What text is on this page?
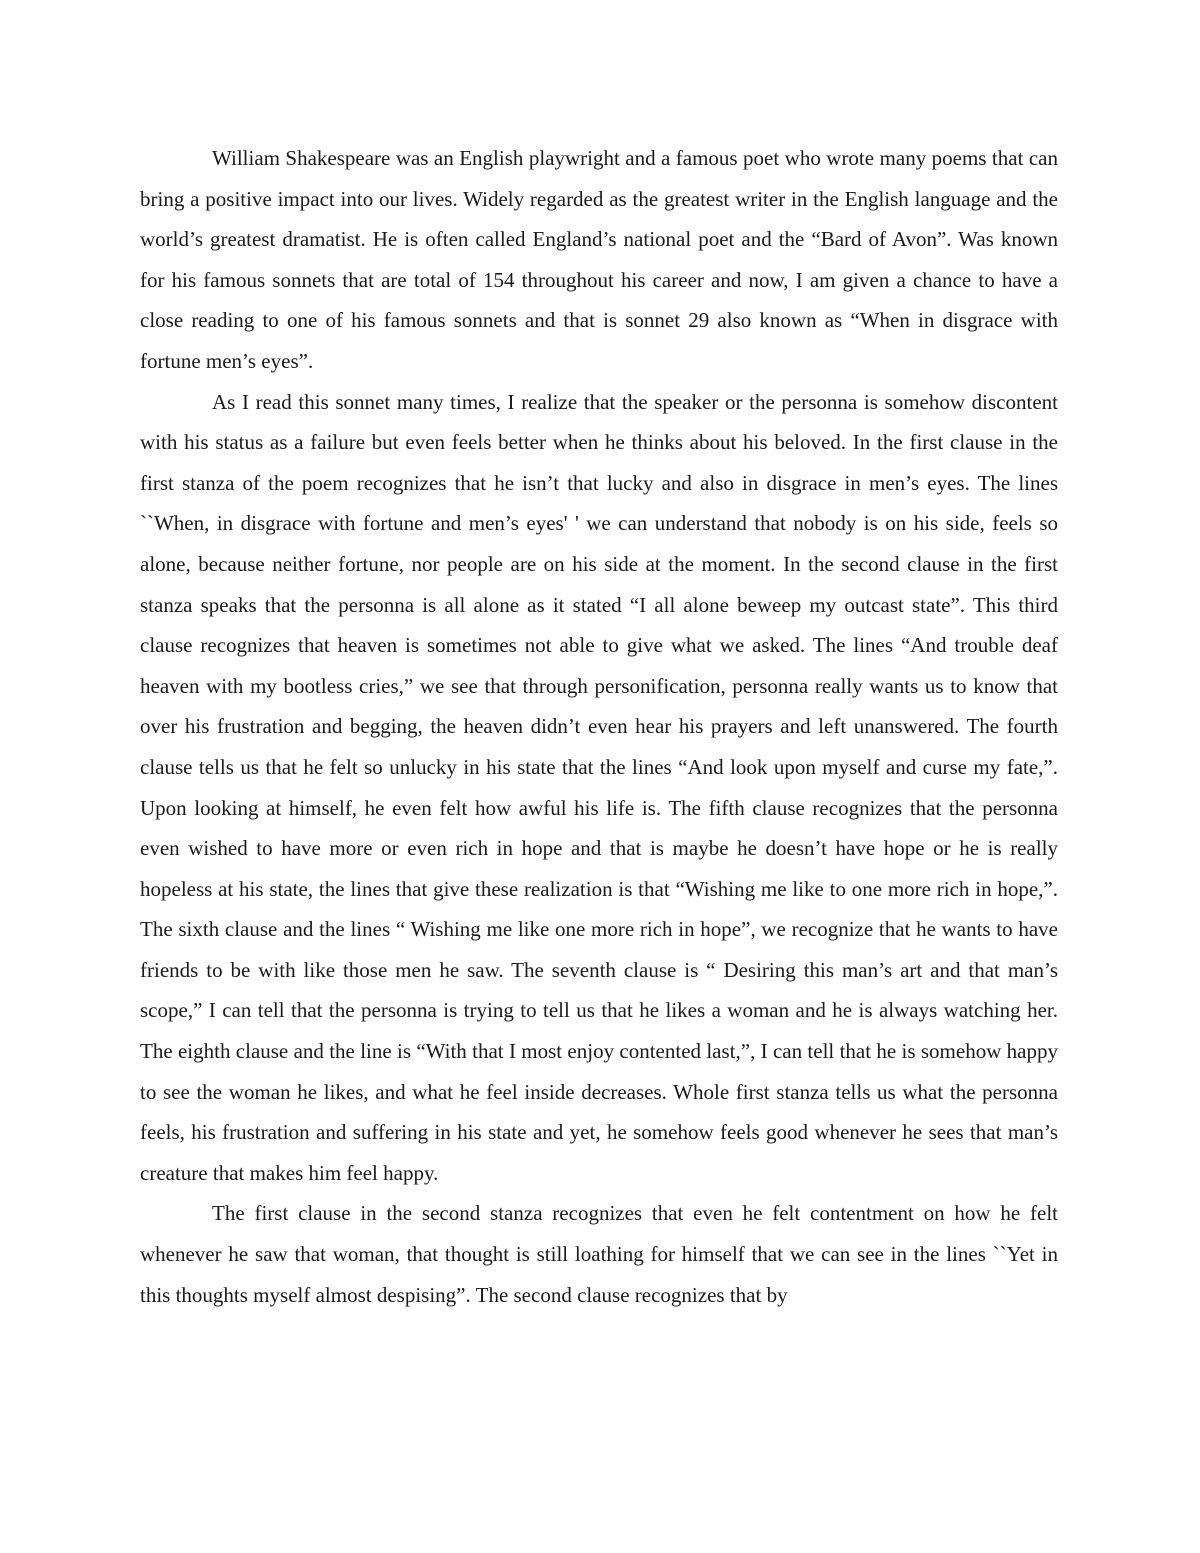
William Shakespeare was an English playwright and a famous poet who wrote many poems that can bring a positive impact into our lives. Widely regarded as the greatest writer in the English language and the world’s greatest dramatist. He is often called England’s national poet and the “Bard of Avon”. Was known for his famous sonnets that are total of 154 throughout his career and now, I am given a chance to have a close reading to one of his famous sonnets and that is sonnet 29 also known as “When in disgrace with fortune men’s eyes”.

As I read this sonnet many times, I realize that the speaker or the personna is somehow discontent with his status as a failure but even feels better when he thinks about his beloved. In the first clause in the first stanza of the poem recognizes that he isn’t that lucky and also in disgrace in men’s eyes. The lines ``When, in disgrace with fortune and men’s eyes' ' we can understand that nobody is on his side, feels so alone, because neither fortune, nor people are on his side at the moment. In the second clause in the first stanza speaks that the personna is all alone as it stated “I all alone beweep my outcast state”. This third clause recognizes that heaven is sometimes not able to give what we asked. The lines “And trouble deaf heaven with my bootless cries,” we see that through personification, personna really wants us to know that over his frustration and begging, the heaven didn’t even hear his prayers and left unanswered. The fourth clause tells us that he felt so unlucky in his state that the lines “And look upon myself and curse my fate,”. Upon looking at himself, he even felt how awful his life is. The fifth clause recognizes that the personna even wished to have more or even rich in hope and that is maybe he doesn’t have hope or he is really hopeless at his state, the lines that give these realization is that “Wishing me like to one more rich in hope,”. The sixth clause and the lines “ Wishing me like one more rich in hope”, we recognize that he wants to have friends to be with like those men he saw. The seventh clause is “ Desiring this man’s art and that man’s scope,” I can tell that the personna is trying to tell us that he likes a woman and he is always watching her. The eighth clause and the line is “With that I most enjoy contented last,”, I can tell that he is somehow happy to see the woman he likes, and what he feel inside decreases. Whole first stanza tells us what the personna feels, his frustration and suffering in his state and yet, he somehow feels good whenever he sees that man’s creature that makes him feel happy.

The first clause in the second stanza recognizes that even he felt contentment on how he felt whenever he saw that woman, that thought is still loathing for himself that we can see in the lines ``Yet in this thoughts myself almost despising”. The second clause recognizes that by
